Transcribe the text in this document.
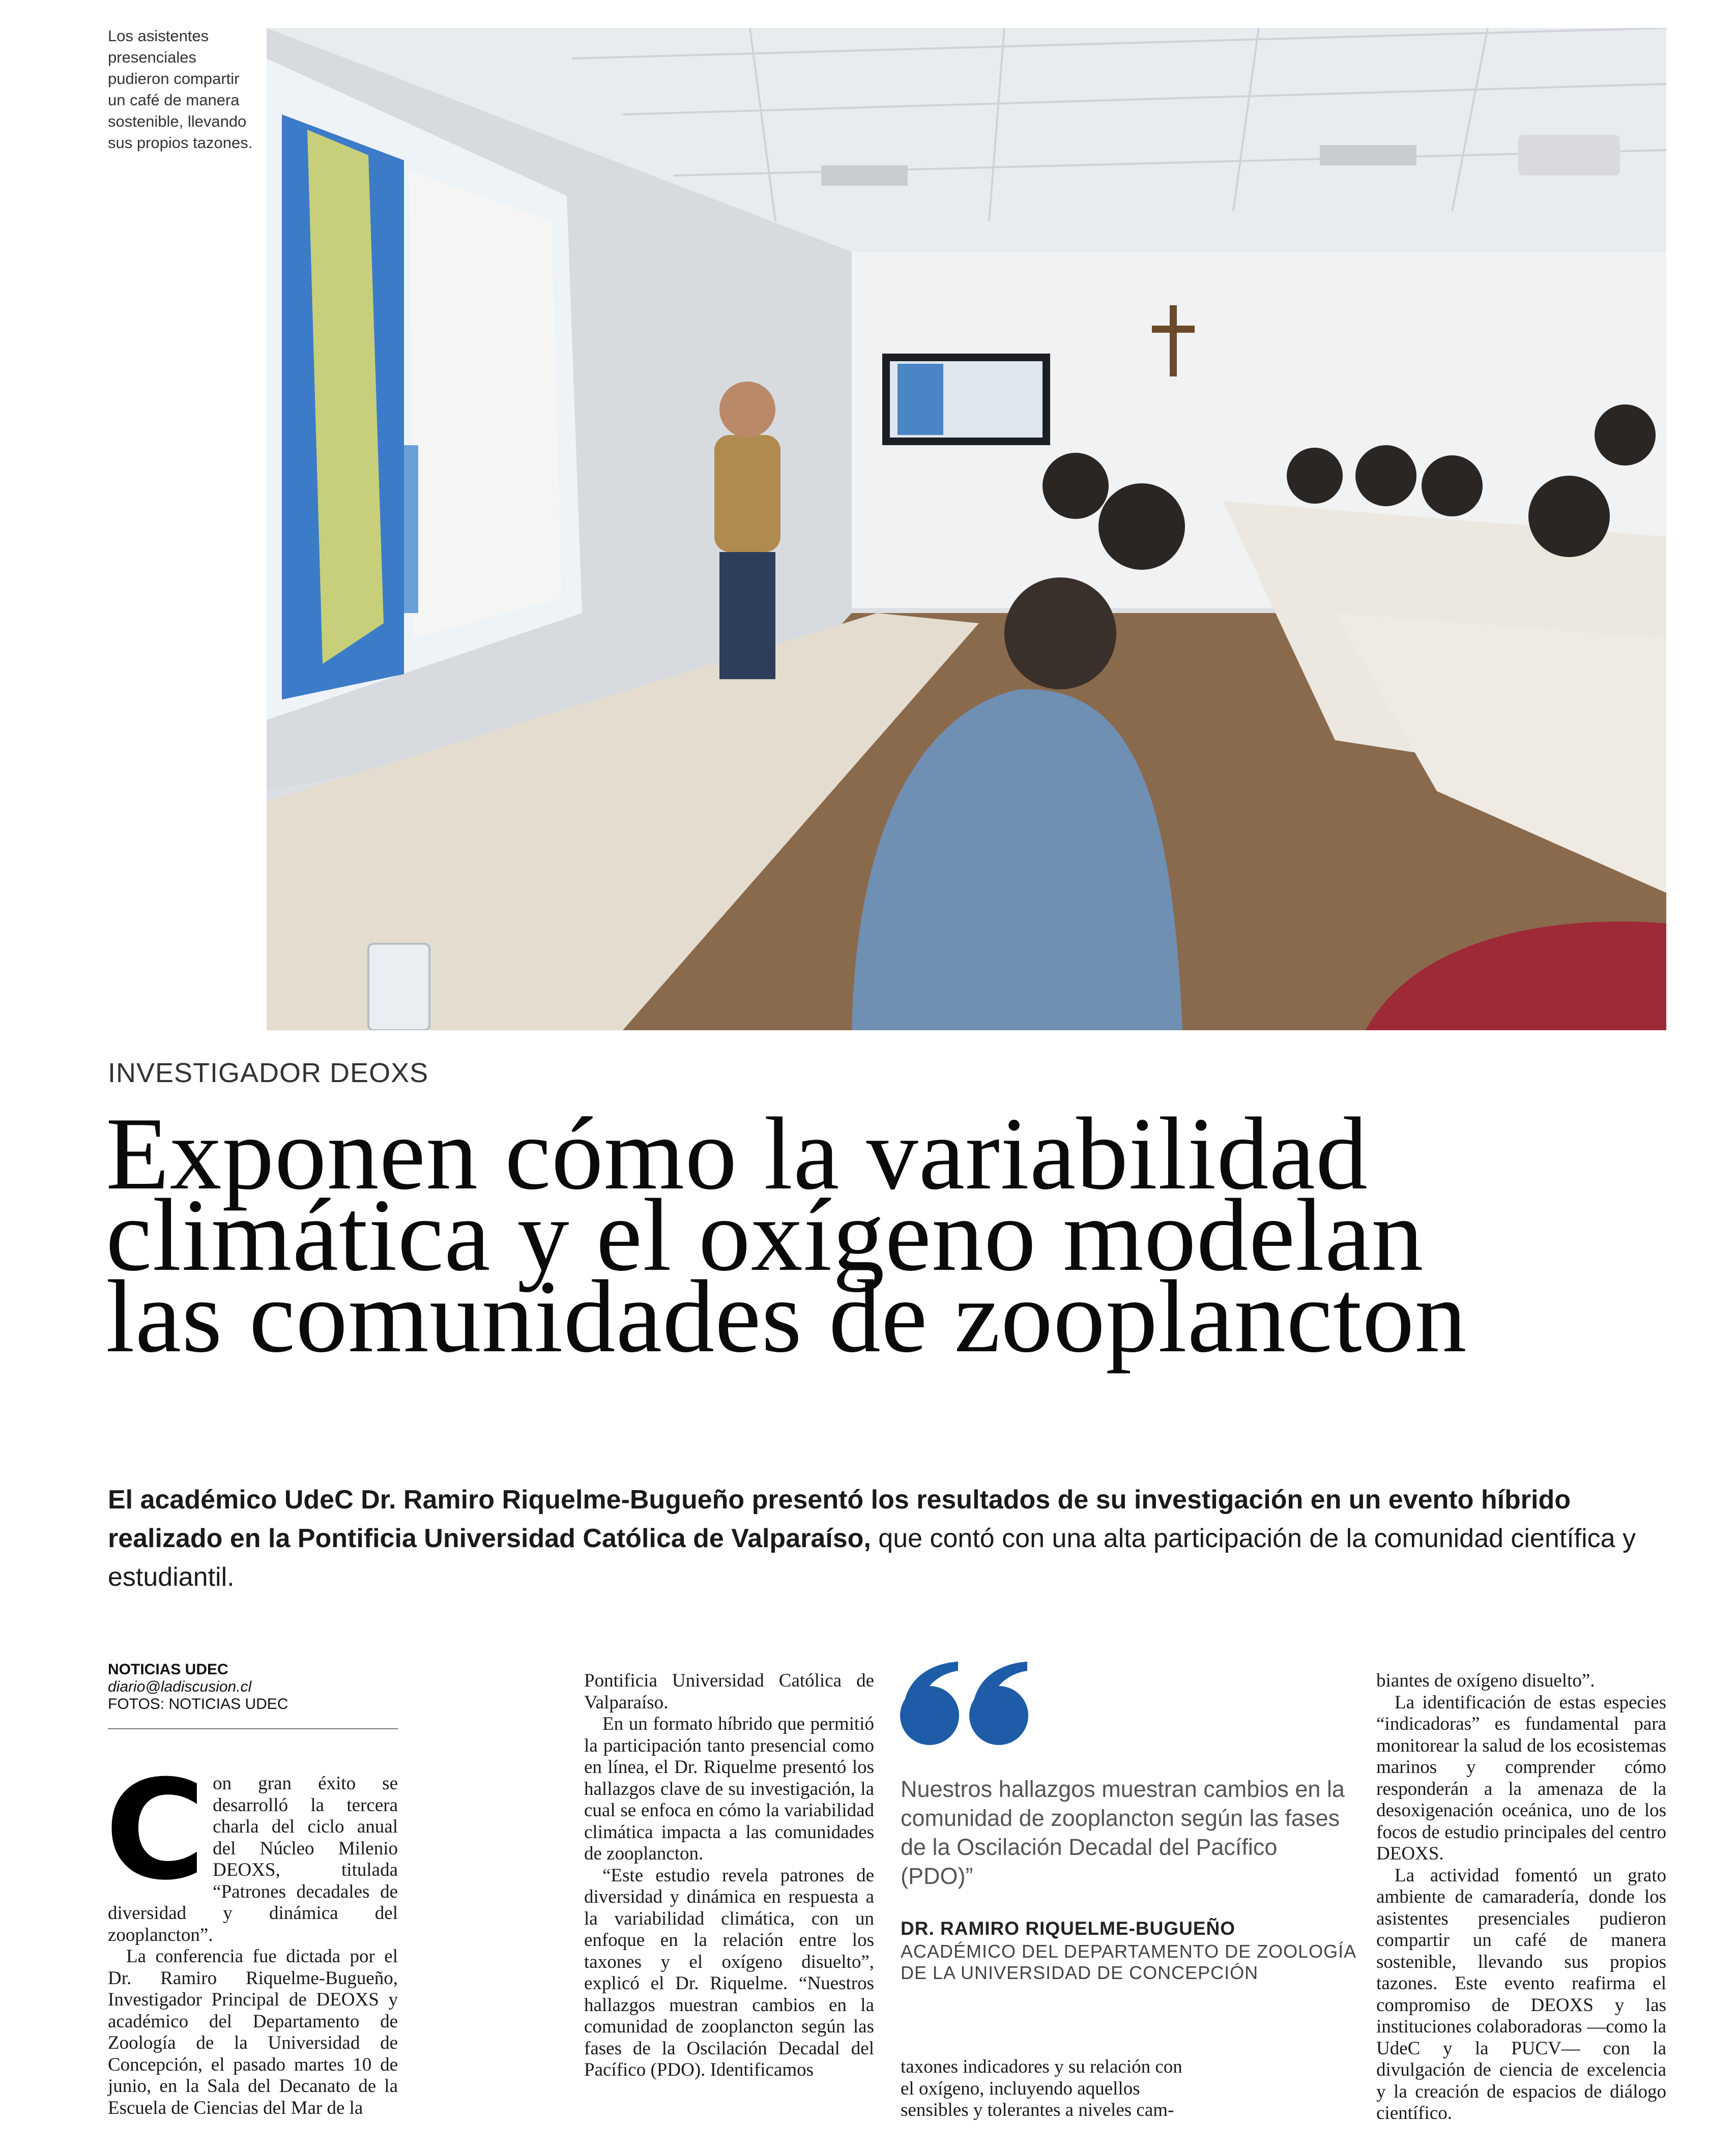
Los asistentes presenciales pudieron compartir un café de manera sostenible, llevando sus propios tazones.
INVESTIGADOR DEOXS
Exponen cómo la variabilidad
climática y el oxígeno modelan
las comunidades de zooplancton
El académico UdeC Dr. Ramiro Riquelme-Bugueño presentó los resultados de su investigación en un evento híbrido realizado en la Pontificia Universidad Católica de Valparaíso, que contó con una alta participación de la comunidad científica y estudiantil.
NOTICIAS UDEC
diario@ladiscusion.cl
FOTOS: NOTICIAS UDEC

Con gran éxito se desarrolló la tercera charla del ciclo anual del Núcleo Milenio DEOXS, titulada “Patrones decadales de diversidad y dinámica del zooplancton”.

La conferencia fue dictada por el Dr. Ramiro Riquelme-Bugueño, Investigador Principal de DEOXS y académico del Departamento de Zoología de la Universidad de Concepción, el pasado martes 10 de junio, en la Sala del Decanato de la Escuela de Ciencias del Mar de la

Pontificia Universidad Católica de Valparaíso.

En un formato híbrido que permitió la participación tanto presencial como en línea, el Dr. Riquelme presentó los hallazgos clave de su investigación, la cual se enfoca en cómo la variabilidad climática impacta a las comunidades de zooplancton.

“Este estudio revela patrones de diversidad y dinámica en respuesta a la variabilidad climática, con un enfoque en la relación entre los taxones y el oxígeno disuelto”, explicó el Dr. Riquelme. “Nuestros hallazgos muestran cambios en la comunidad de zooplancton según las fases de la Oscilación Decadal del Pacífico (PDO). Identificamos

Nuestros hallazgos muestran cambios en la comunidad de zooplancton según las fases de la Oscilación Decadal del Pacífico (PDO)”
DR. RAMIRO RIQUELME-BUGUEÑO
ACADÉMICO DEL DEPARTAMENTO DE ZOOLOGÍA DE LA UNIVERSIDAD DE CONCEPCIÓN

taxones indicadores y su relación con el oxígeno, incluyendo aquellos sensibles y tolerantes a niveles cam-

biantes de oxígeno disuelto”.

La identificación de estas especies “indicadoras” es fundamental para monitorear la salud de los ecosistemas marinos y comprender cómo responderán a la amenaza de la desoxigenación oceánica, uno de los focos de estudio principales del centro DEOXS.

La actividad fomentó un grato ambiente de camaradería, donde los asistentes presenciales pudieron compartir un café de manera sostenible, llevando sus propios tazones. Este evento reafirma el compromiso de DEOXS y las instituciones colaboradoras —como la UdeC y la PUCV— con la divulgación de ciencia de excelencia y la creación de espacios de diálogo científico.
